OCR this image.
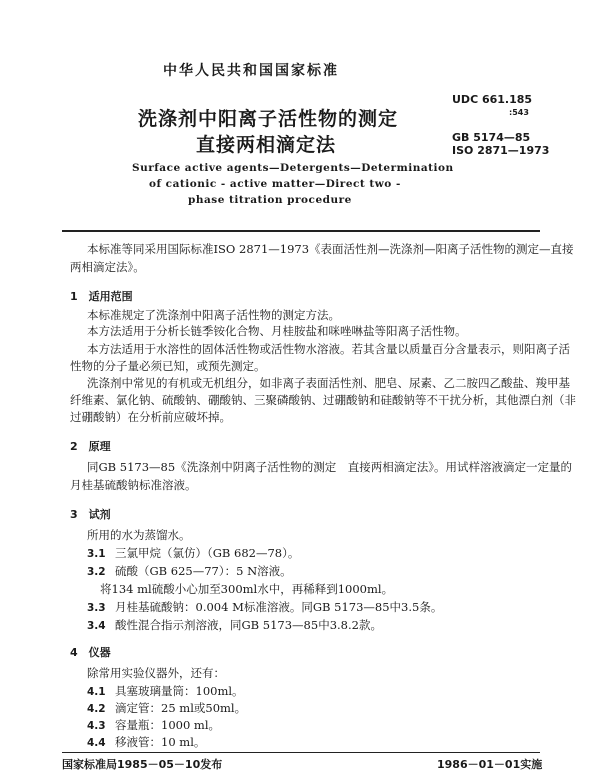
中华人民共和国国家标准
洗涤剂中阳离子活性物的测定
直接两相滴定法
UDC 661.185
:543
GB 5174—85
ISO 2871—1973
Surface active agents—Detergents—Determination
of cationic - active matter—Direct two -
phase titration procedure
本标准等同采用国际标准ISO 2871—1973《表面活性剂—洗涤剂—阳离子活性物的测定—直接
两相滴定法》。
1　 适用范围
本标准规定了洗涤剂中阳离子活性物的测定方法。
本方法适用于分析长链季铵化合物、月桂胺盐和咪唑啉盐等阳离子活性物。
本方法适用于水溶性的固体活性物或活性物水溶液。若其含量以质量百分含量表示，则阳离子活
性物的分子量必须已知，或预先测定。
洗涤剂中常见的有机或无机组分，如非离子表面活性剂、肥皂、尿素、乙二胺四乙酸盐、羧甲基
纤维素、氯化钠、硫酸钠、硼酸钠、三聚磷酸钠、过硼酸钠和硅酸钠等不干扰分析，其他漂白剂（非
过硼酸钠）在分析前应破坏掉。
2　 原理
同GB 5173—85《洗涤剂中阴离子活性物的测定　直接两相滴定法》。用试样溶液滴定一定量的
月桂基硫酸钠标准溶液。
3　 试剂
所用的水为蒸馏水。
3.1 三氯甲烷（氯仿）（GB 682—78）。
3.2 硫酸（GB 625—77）：5 N溶液。
将134 ml硫酸小心加至300ml水中，再稀释到1000ml。
3.3 月桂基硫酸钠：0.004 M标准溶液。同GB 5173—85中3.5条。
3.4 酸性混合指示剂溶液，同GB 5173—85中3.8.2款。
4　 仪器
除常用实验仪器外，还有：
4.1 具塞玻璃量筒：100ml。
4.2 滴定管：25 ml或50ml。
4.3 容量瓶：1000 ml。
4.4 移液管：10 ml。
国家标准局1985－05－10发布	1986－01－01实施
